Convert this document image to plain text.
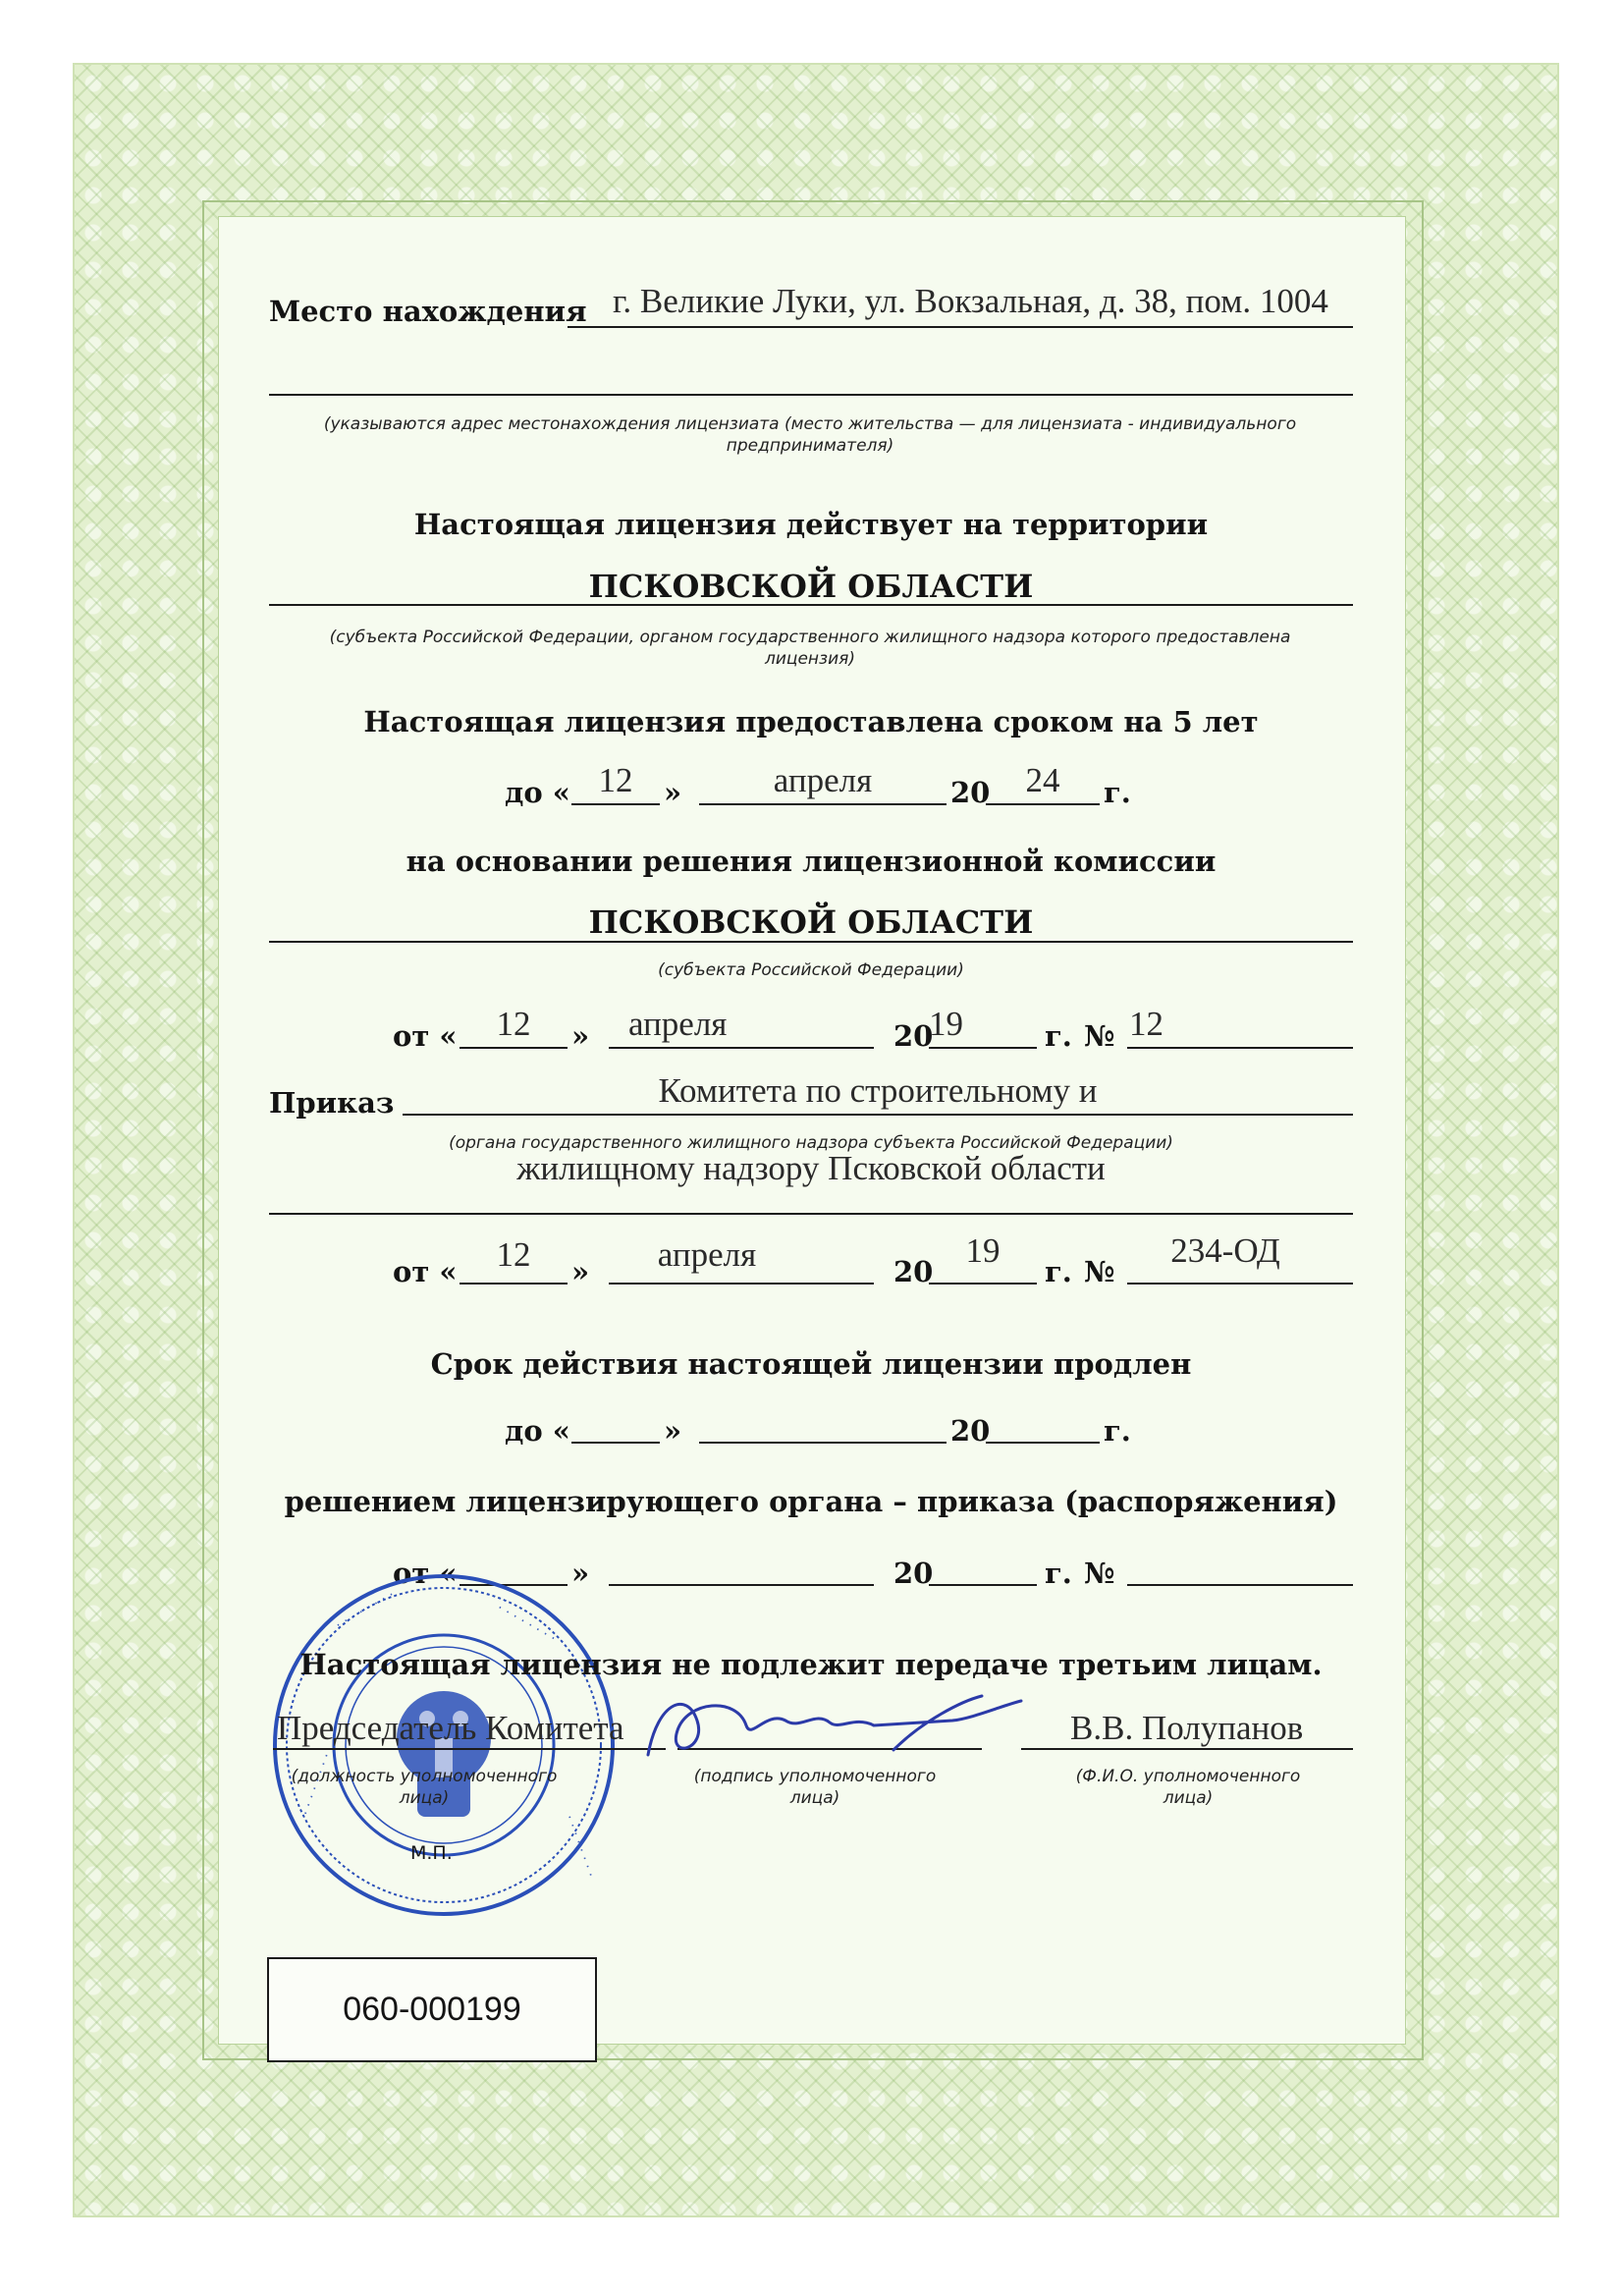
Место нахождения г. Великие Луки, ул. Вокзальная, д. 38, пом. 1004
(указываются адрес местонахождения лицензиата (место жительства — для лицензиата - индивидуального
предпринимателя)
Настоящая лицензия действует на территории
ПСКОВСКОЙ ОБЛАСТИ
(субъекта Российской Федерации, органом государственного жилищного надзора которого предоставлена
лицензия)
Настоящая лицензия предоставлена сроком на 5 лет
до « 12	»	апреля	20	24	г.
на основании решения лицензионной комиссии
ПСКОВСКОЙ ОБЛАСТИ
(субъекта Российской Федерации)
от «	12	» апреля	20
19	г. № 12
Приказ	Комитета по строительному и
(органа государственного жилищного надзора субъекта Российской Федерации)
жилищному надзору Псковской области
от «	12	»	апреля	20
19
г. №
234-ОД
Срок действия настоящей лицензии продлен
до «	»	20	г.
решением лицензирующего органа – приказа (распоряжения)
от «	»	20	г. №
· · · · · · · ·	· · · · · · · ·
· · · · · · · ·
· · · · · · · ·
Настоящая лицензия не подлежит передаче третьим лицам.
Председатель Комитета	В.В. Полупанов
(должность уполномоченного
лица)
(подпись уполномоченного
лица)
(Ф.И.О. уполномоченного
лица)
М.П.
060-000199
